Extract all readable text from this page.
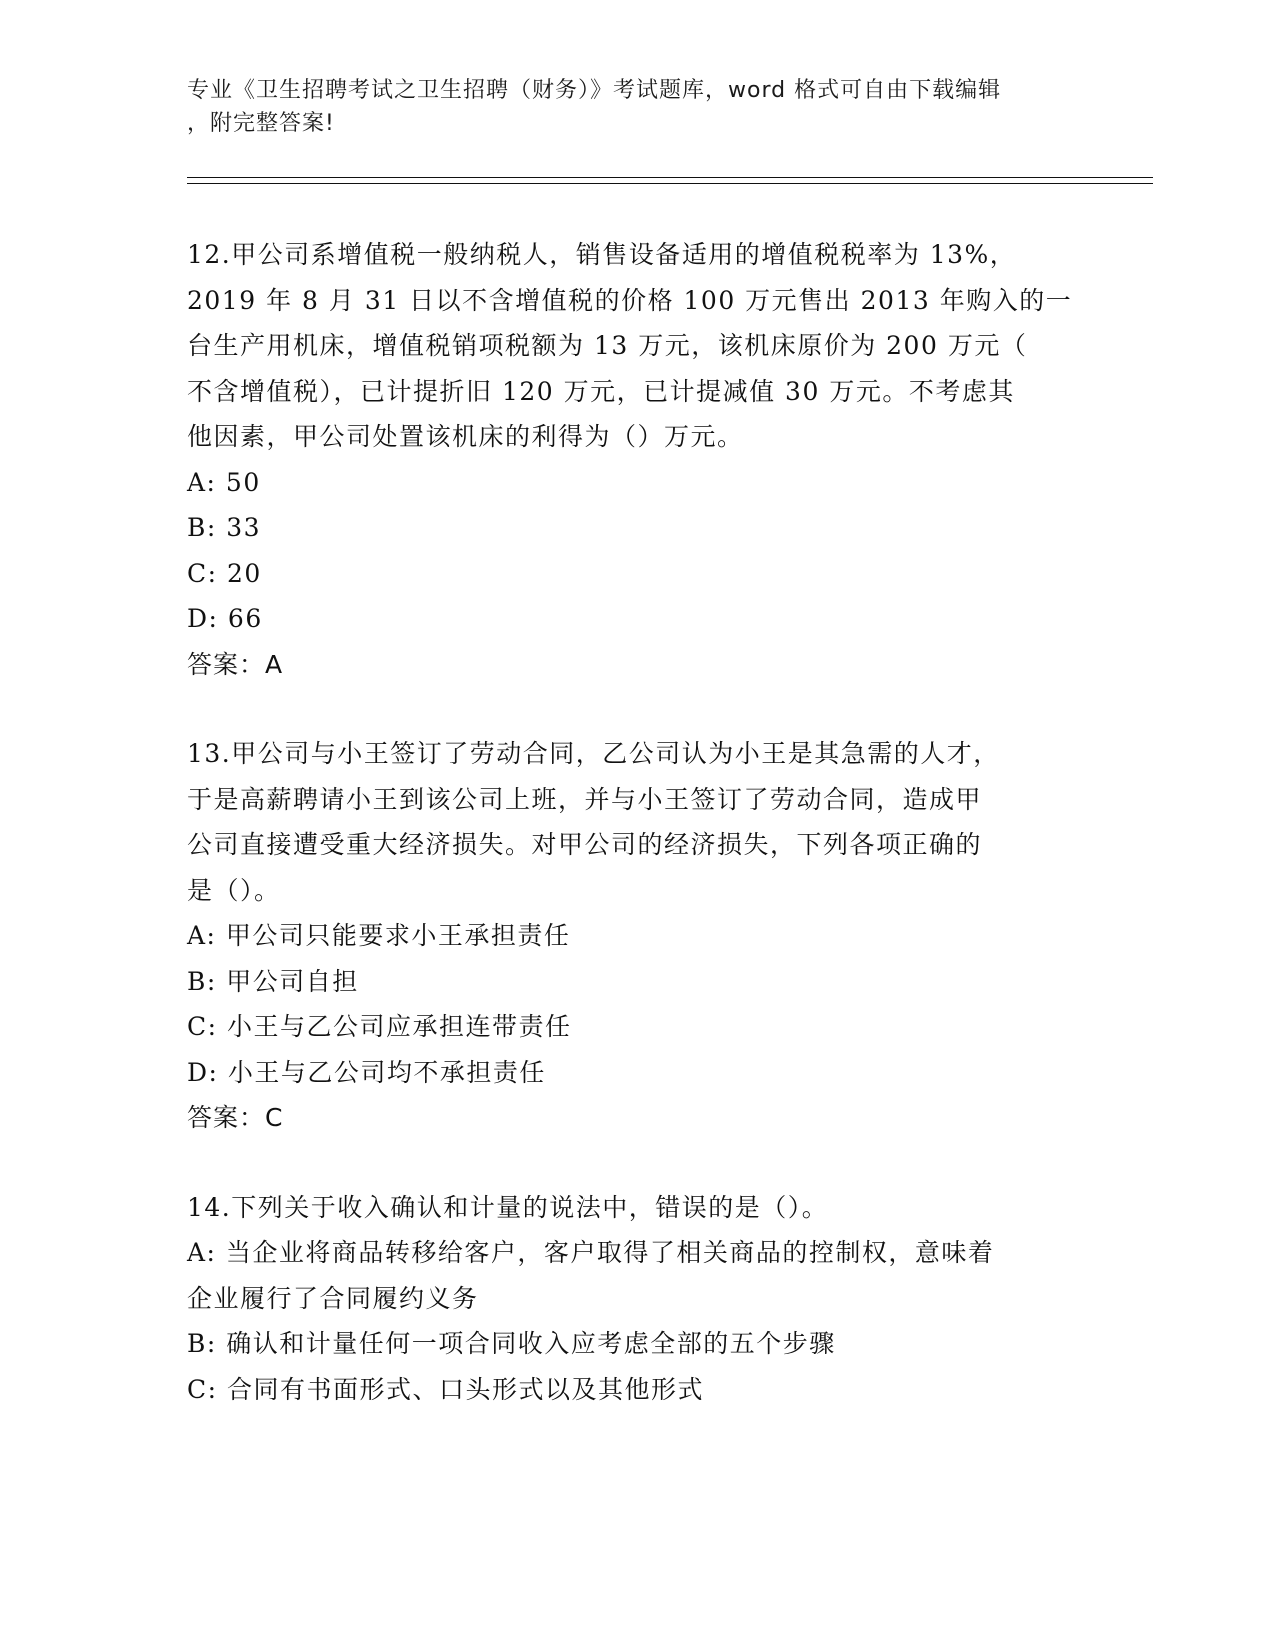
专业《卫生招聘考试之卫生招聘（财务）》考试题库，word 格式可自由下载编辑
，附完整答案!
12.甲公司系增值税一般纳税人，销售设备适用的增值税税率为 13%，
2019 年 8 月 31 日以不含增值税的价格 100 万元售出 2013 年购入的一
台生产用机床，增值税销项税额为 13 万元，该机床原价为 200 万元（
不含增值税），已计提折旧 120 万元，已计提减值 30 万元。不考虑其
他因素，甲公司处置该机床的利得为（）万元。
A: 50
B: 33
C: 20
D: 66
答案：A
13.甲公司与小王签订了劳动合同，乙公司认为小王是其急需的人才，
于是高薪聘请小王到该公司上班，并与小王签订了劳动合同，造成甲
公司直接遭受重大经济损失。对甲公司的经济损失，下列各项正确的
是（）。
A: 甲公司只能要求小王承担责任
B: 甲公司自担
C: 小王与乙公司应承担连带责任
D: 小王与乙公司均不承担责任
答案：C
14.下列关于收入确认和计量的说法中，错误的是（）。
A: 当企业将商品转移给客户，客户取得了相关商品的控制权，意味着
企业履行了合同履约义务
B: 确认和计量任何一项合同收入应考虑全部的五个步骤
C: 合同有书面形式、口头形式以及其他形式
